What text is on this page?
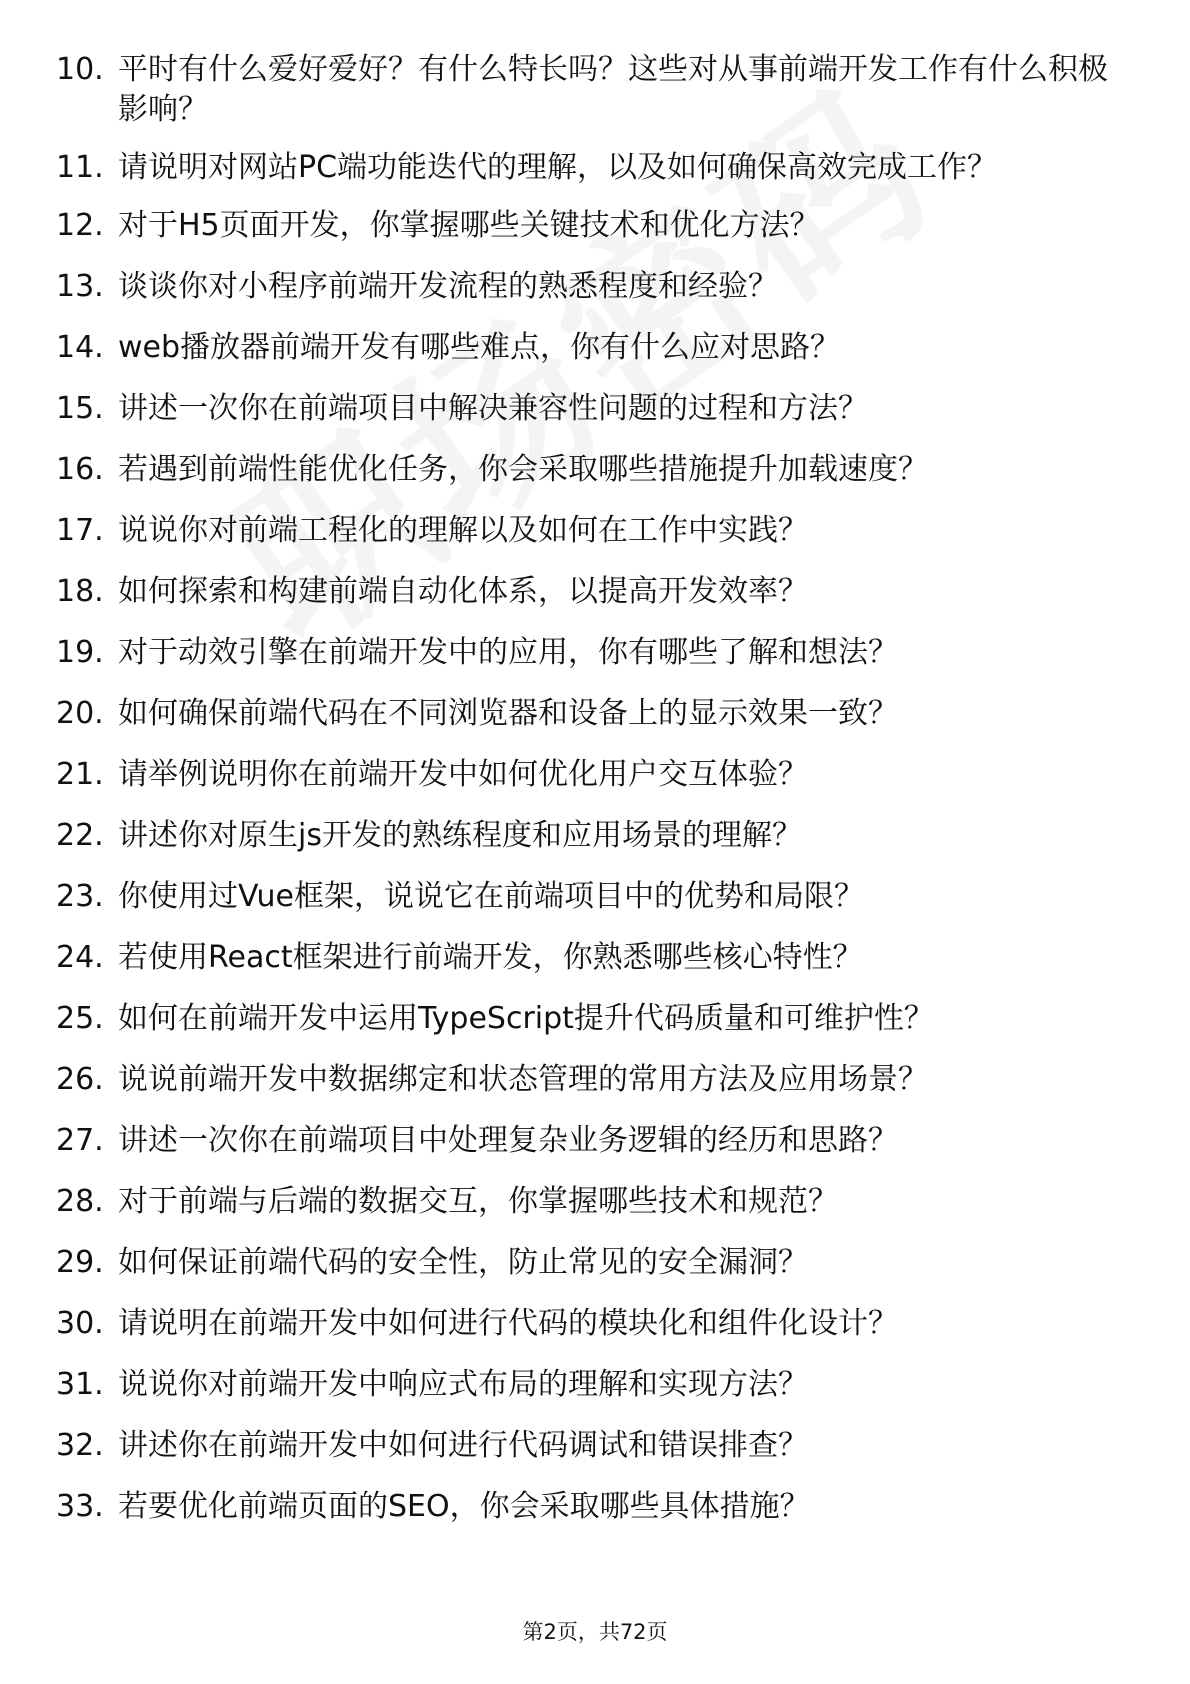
10. 平时有什么爱好爱好？有什么特长吗？这些对从事前端开发工作有什么积极影响？
11. 请说明对网站PC端功能迭代的理解，以及如何确保高效完成工作？
12. 对于H5页面开发，你掌握哪些关键技术和优化方法？
13. 谈谈你对小程序前端开发流程的熟悉程度和经验？
14. web播放器前端开发有哪些难点，你有什么应对思路？
15. 讲述一次你在前端项目中解决兼容性问题的过程和方法？
16. 若遇到前端性能优化任务，你会采取哪些措施提升加载速度？
17. 说说你对前端工程化的理解以及如何在工作中实践？
18. 如何探索和构建前端自动化体系，以提高开发效率？
19. 对于动效引擎在前端开发中的应用，你有哪些了解和想法？
20. 如何确保前端代码在不同浏览器和设备上的显示效果一致？
21. 请举例说明你在前端开发中如何优化用户交互体验？
22. 讲述你对原生js开发的熟练程度和应用场景的理解？
23. 你使用过Vue框架，说说它在前端项目中的优势和局限？
24. 若使用React框架进行前端开发，你熟悉哪些核心特性？
25. 如何在前端开发中运用TypeScript提升代码质量和可维护性？
26. 说说前端开发中数据绑定和状态管理的常用方法及应用场景？
27. 讲述一次你在前端项目中处理复杂业务逻辑的经历和思路？
28. 对于前端与后端的数据交互，你掌握哪些技术和规范？
29. 如何保证前端代码的安全性，防止常见的安全漏洞？
30. 请说明在前端开发中如何进行代码的模块化和组件化设计？
31. 说说你对前端开发中响应式布局的理解和实现方法？
32. 讲述你在前端开发中如何进行代码调试和错误排查？
33. 若要优化前端页面的SEO，你会采取哪些具体措施？
第2页，共72页
